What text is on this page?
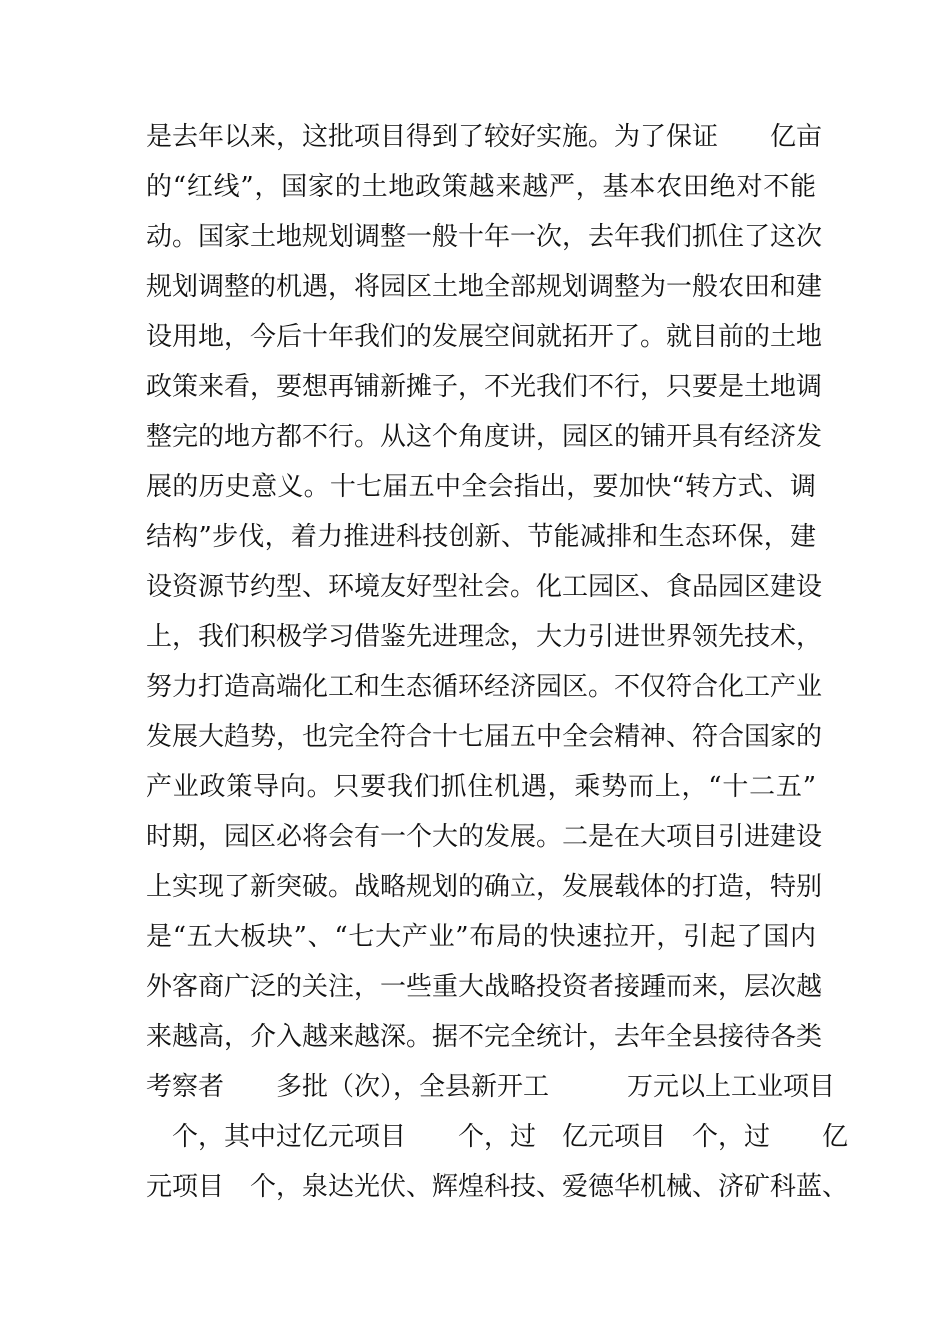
是去年以来，这批项目得到了较好实施。为了保证　　亿亩
的“红线”，国家的土地政策越来越严，基本农田绝对不能
动。国家土地规划调整一般十年一次，去年我们抓住了这次
规划调整的机遇，将园区土地全部规划调整为一般农田和建
设用地，今后十年我们的发展空间就拓开了。就目前的土地
政策来看，要想再铺新摊子，不光我们不行，只要是土地调
整完的地方都不行。从这个角度讲，园区的铺开具有经济发
展的历史意义。十七届五中全会指出，要加快“转方式、调
结构”步伐，着力推进科技创新、节能减排和生态环保，建
设资源节约型、环境友好型社会。化工园区、食品园区建设
上，我们积极学习借鉴先进理念，大力引进世界领先技术，
努力打造高端化工和生态循环经济园区。不仅符合化工产业
发展大趋势，也完全符合十七届五中全会精神、符合国家的
产业政策导向。只要我们抓住机遇，乘势而上，“十二五”
时期，园区必将会有一个大的发展。二是在大项目引进建设
上实现了新突破。战略规划的确立，发展载体的打造，特别
是“五大板块”、“七大产业”布局的快速拉开，引起了国内
外客商广泛的关注，一些重大战略投资者接踵而来，层次越
来越高，介入越来越深。据不完全统计，去年全县接待各类
考察者　　多批（次），全县新开工　　　万元以上工业项目
　个，其中过亿元项目　　个，过　亿元项目　个，过　　亿
元项目　个，泉达光伏、辉煌科技、爱德华机械、济矿科蓝、
